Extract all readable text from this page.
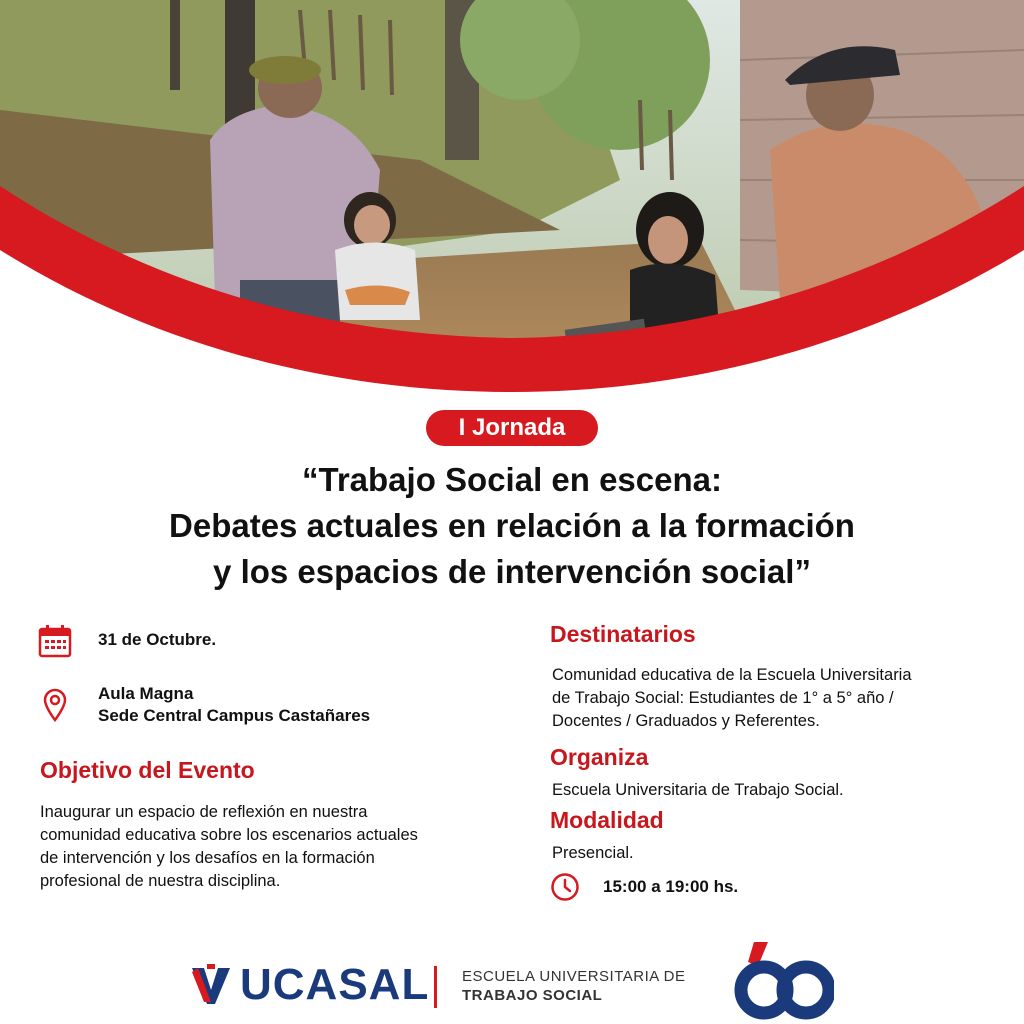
I Jornada
“Trabajo Social en escena:
Debates actuales en relación a la formación
y los espacios de intervención social”
31 de Octubre.
Aula Magna
Sede Central Campus Castañares
Objetivo del Evento
Inaugurar un espacio de reflexión en nuestra
comunidad educativa sobre los escenarios actuales
de intervención y los desafíos en la formación
profesional de nuestra disciplina.
Destinatarios
Comunidad educativa de la Escuela Universitaria
de Trabajo Social: Estudiantes de 1° a 5° año /
Docentes / Graduados y Referentes.
Organiza
Escuela Universitaria de Trabajo Social.
Modalidad
Presencial.
15:00 a 19:00 hs.
UCASAL ESCUELA UNIVERSITARIA DE
TRABAJO SOCIAL
